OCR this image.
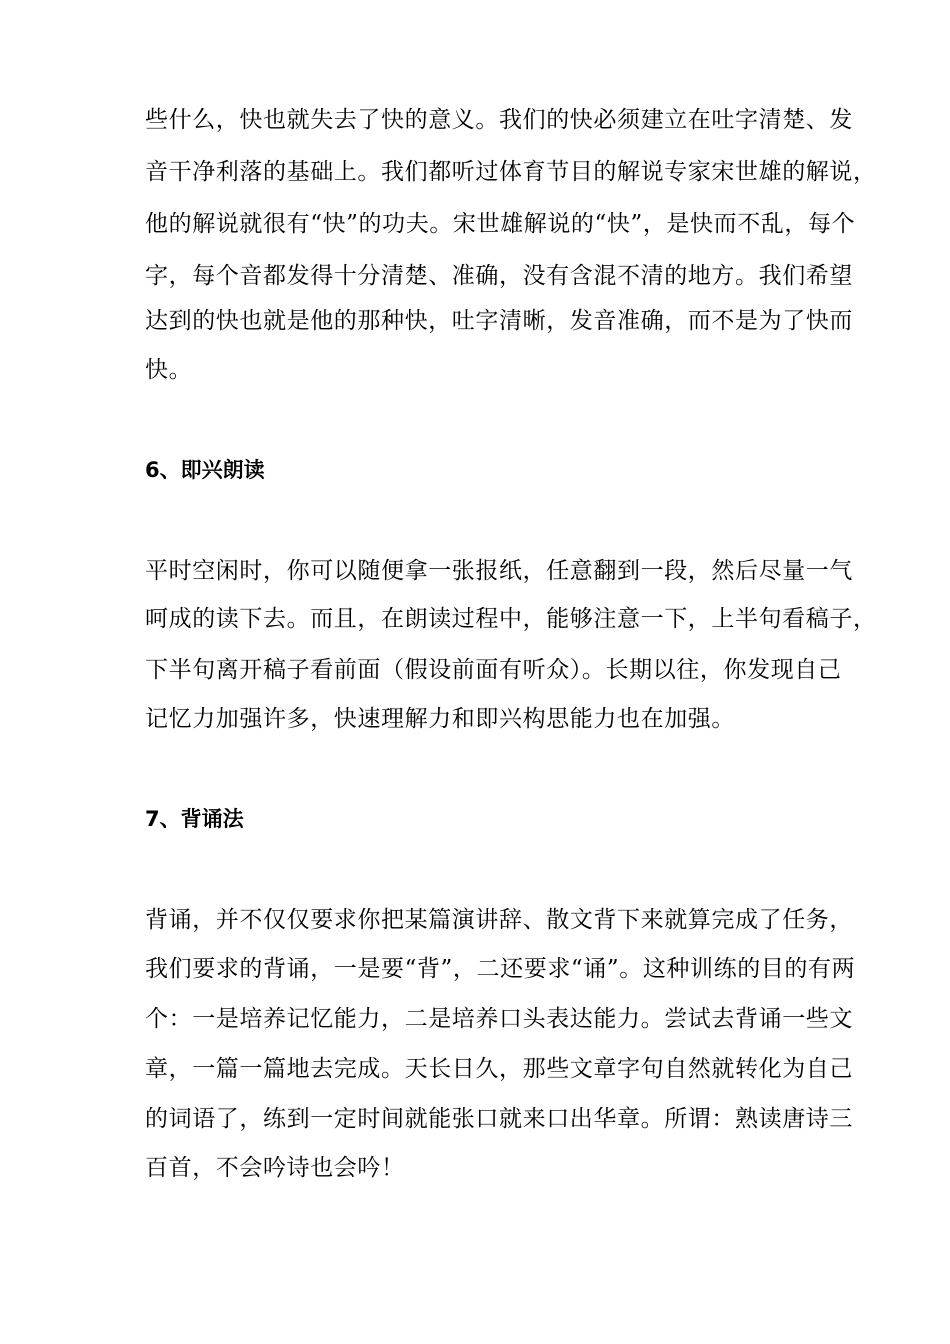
些什么，快也就失去了快的意义。我们的快必须建立在吐字清楚、发
音干净利落的基础上。我们都听过体育节目的解说专家宋世雄的解说，
他的解说就很有“快”的功夫。宋世雄解说的“快”，是快而不乱，每个
字，每个音都发得十分清楚、准确，没有含混不清的地方。我们希望
达到的快也就是他的那种快，吐字清晰，发音准确，而不是为了快而
快。
6、即兴朗读
平时空闲时，你可以随便拿一张报纸，任意翻到一段，然后尽量一气
呵成的读下去。而且，在朗读过程中，能够注意一下，上半句看稿子，
下半句离开稿子看前面（假设前面有听众）。长期以往，你发现自己
记忆力加强许多，快速理解力和即兴构思能力也在加强。
7、背诵法
背诵，并不仅仅要求你把某篇演讲辞、散文背下来就算完成了任务，
我们要求的背诵，一是要“背”，二还要求“诵”。这种训练的目的有两
个：一是培养记忆能力，二是培养口头表达能力。尝试去背诵一些文
章，一篇一篇地去完成。天长日久，那些文章字句自然就转化为自己
的词语了，练到一定时间就能张口就来口出华章。所谓：熟读唐诗三
百首，不会吟诗也会吟！
